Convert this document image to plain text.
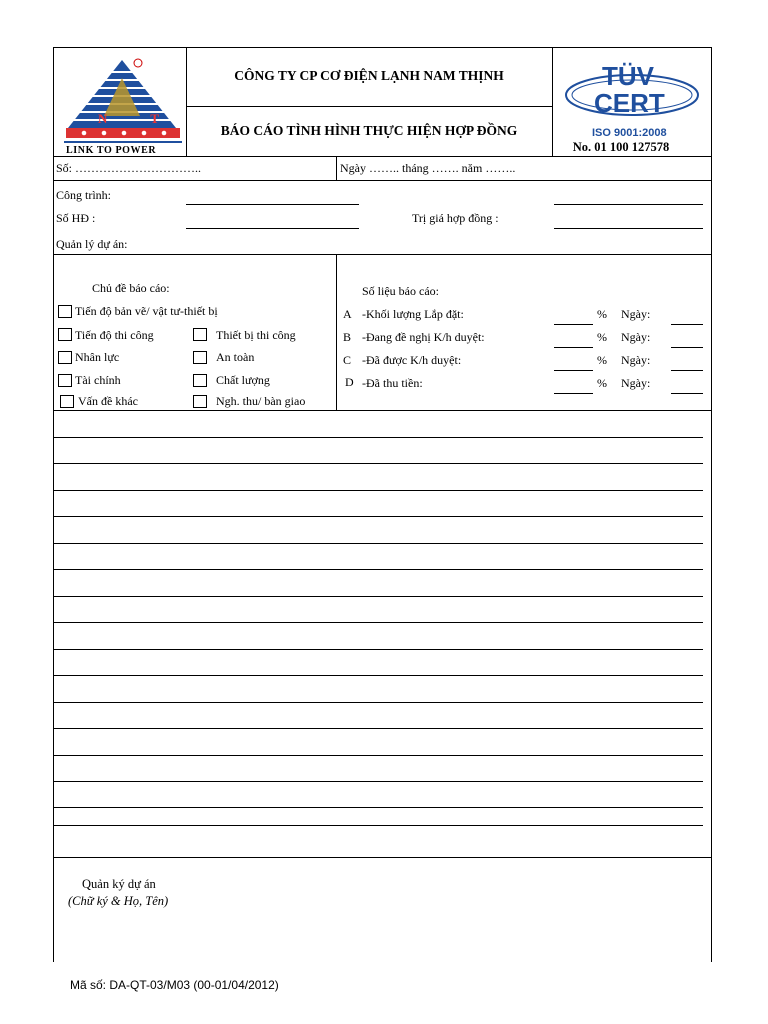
N T
LINK TO POWER
CÔNG TY CP CƠ ĐIỆN LẠNH NAM THỊNH
BÁO CÁO TÌNH HÌNH THỰC HIỆN HỢP ĐỒNG
TÜV
CERT
ISO 9001:2008
No. 01 100 127578
Số: …………………………..	Ngày …….. tháng ……. năm ……..
Công trình:
Số HĐ :	Trị giá hợp đồng :
Quản lý dự án:
Chủ đề báo cáo:
Tiến độ bản vẽ/ vật tư-thiết bị
Tiến độ thi công	Thiết bị thi công
Nhân lực	An toàn
Tài chính	Chất lượng
Vấn đề khác	Ngh. thu/ bàn giao
Số liệu báo cáo:
A -Khối lượng Lắp đặt:	% Ngày:
B -Đang đề nghị K/h duyệt:	% Ngày:
C -Đã được K/h duyệt:	% Ngày:
D -Đã thu tiền:	% Ngày:
Quản ký dự án
(Chữ ký & Họ, Tên)
Mã số: DA-QT-03/M03 (00-01/04/2012)
